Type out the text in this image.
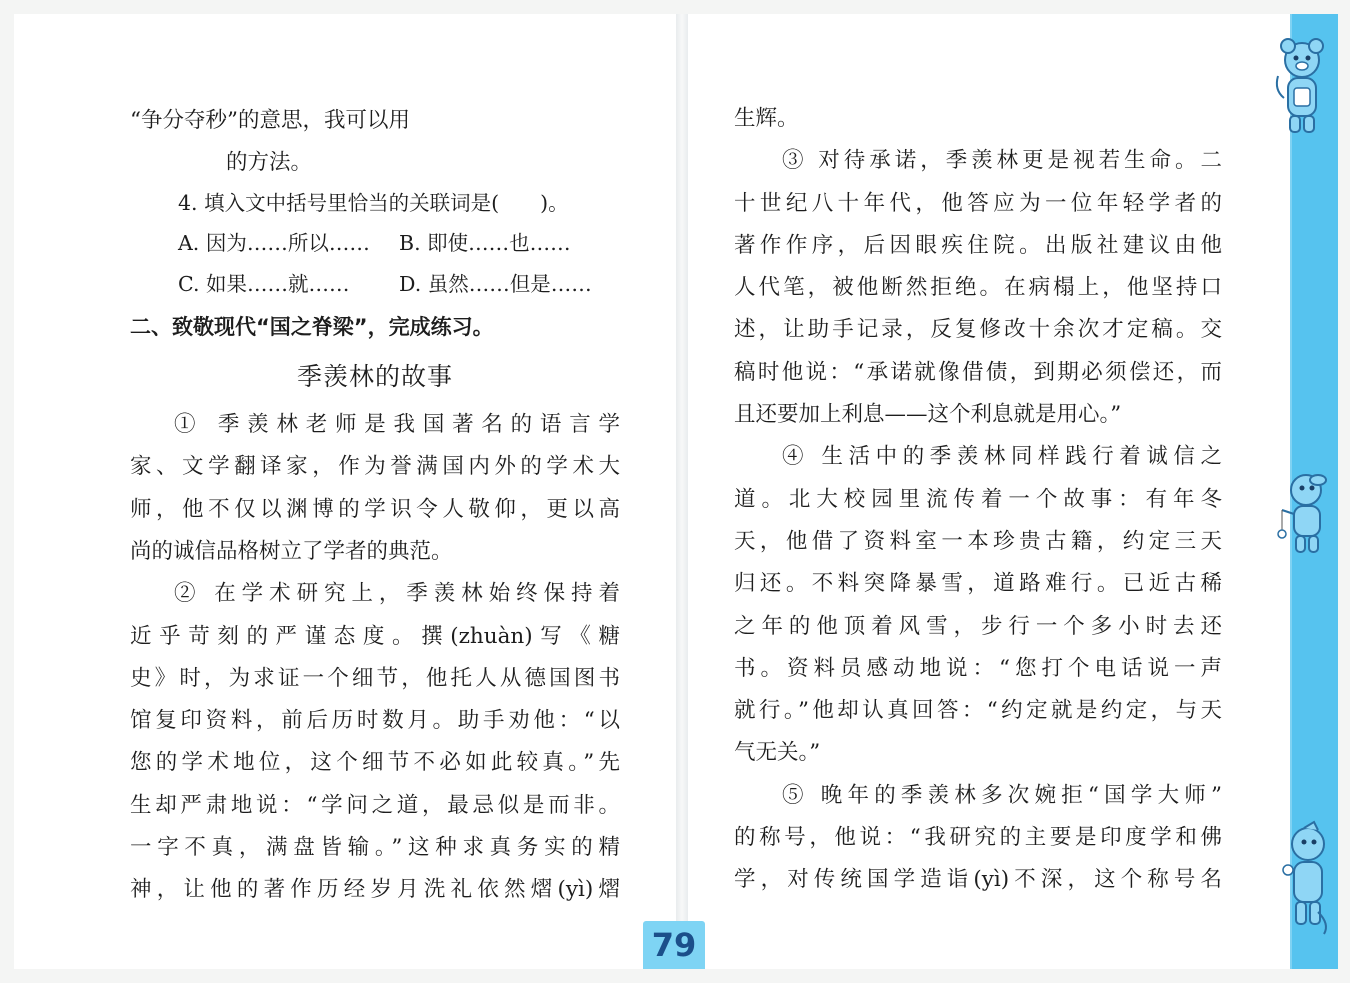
“争分夺秒”的意思，我可以用
的方法。
4. 填入文中括号里恰当的关联词是(　　)。
A. 因为……所以……	B. 即使……也……
C. 如果……就……	D. 虽然……但是……
二、致敬现代“国之脊梁”，完成练习。
季羡林的故事
① 季羡林老师是我国著名的语言学
家、文学翻译家，作为誉满国内外的学术大
师，他不仅以渊博的学识令人敬仰，更以高
尚的诚信品格树立了学者的典范。
② 在学术研究上，季羡林始终保持着
近乎苛刻的严谨态度。撰(zhuàn)写《糖
史》时，为求证一个细节，他托人从德国图书
馆复印资料，前后历时数月。助手劝他：“以
您的学术地位，这个细节不必如此较真。”先
生却严肃地说：“学问之道，最忌似是而非。
一字不真，满盘皆输。”这种求真务实的精
神，让他的著作历经岁月洗礼依然熠(yì)熠
生辉。
③ 对待承诺，季羡林更是视若生命。二
十世纪八十年代，他答应为一位年轻学者的
著作作序，后因眼疾住院。出版社建议由他
人代笔，被他断然拒绝。在病榻上，他坚持口
述，让助手记录，反复修改十余次才定稿。交
稿时他说：“承诺就像借债，到期必须偿还，而
且还要加上利息——这个利息就是用心。”
④ 生活中的季羡林同样践行着诚信之
道。北大校园里流传着一个故事：有年冬
天，他借了资料室一本珍贵古籍，约定三天
归还。不料突降暴雪，道路难行。已近古稀
之年的他顶着风雪，步行一个多小时去还
书。资料员感动地说：“您打个电话说一声
就行。”他却认真回答：“约定就是约定，与天
气无关。”
⑤ 晚年的季羡林多次婉拒“国学大师”
的称号，他说：“我研究的主要是印度学和佛
学，对传统国学造诣(yì)不深，这个称号名
79
